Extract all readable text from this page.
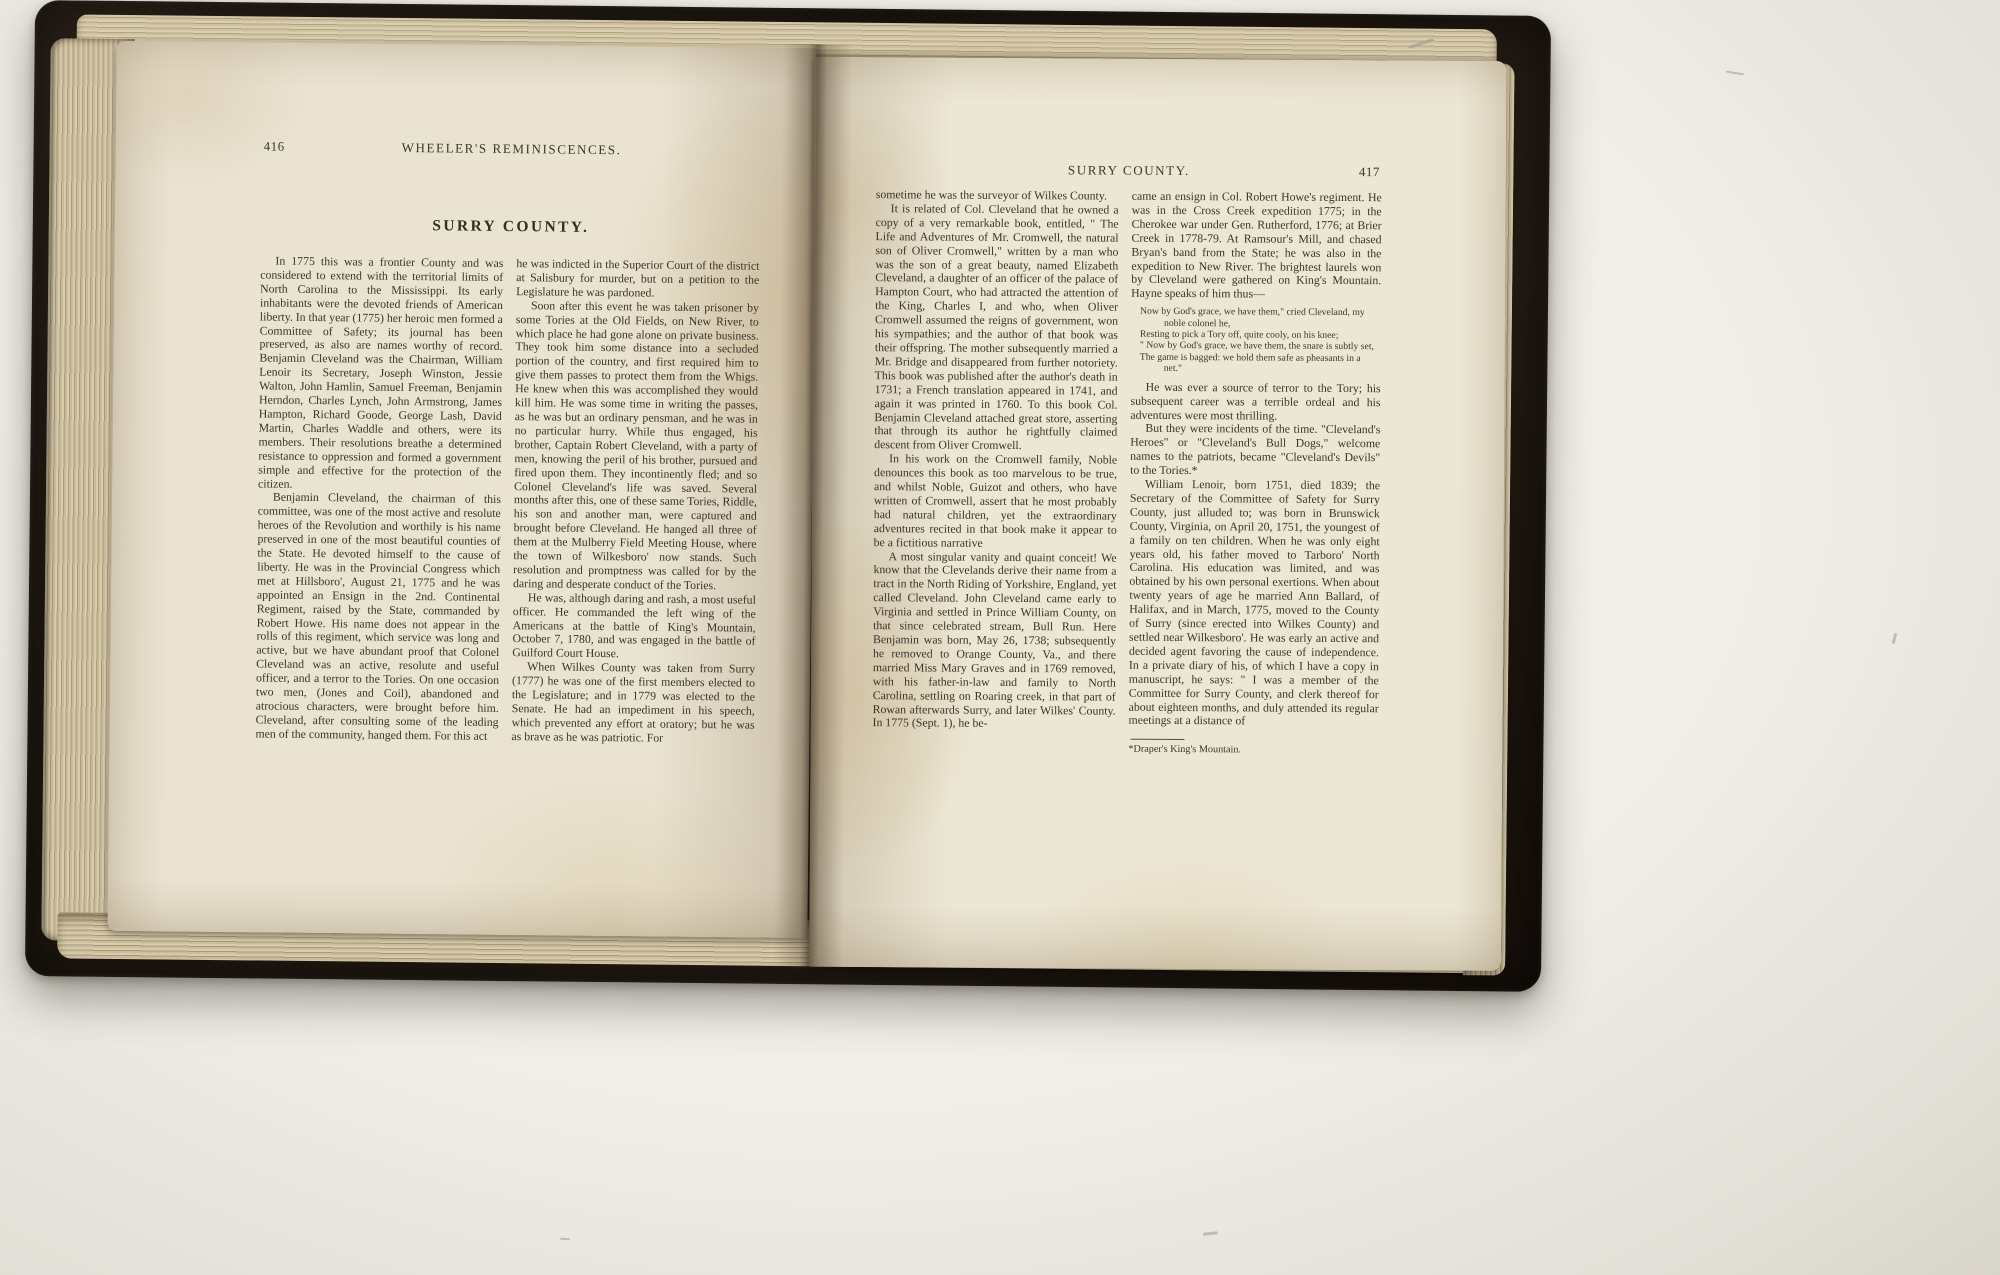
416	WHEELER'S REMINISCENCES.
SURRY COUNTY.

In 1775 this was a frontier County and was considered to extend with the territorial limits of North Carolina to the Mississippi. Its early inhabitants were the devoted friends of American liberty. In that year (1775) her heroic men formed a Committee of Safety; its journal has been preserved, as also are names worthy of record. Benjamin Cleveland was the Chairman, William Lenoir its Secretary, Joseph Winston, Jessie Walton, John Hamlin, Samuel Freeman, Benjamin Herndon, Charles Lynch, John Armstrong, James Hampton, Richard Goode, George Lash, David Martin, Charles Waddle and others, were its members. Their resolutions breathe a determined resistance to oppression and formed a government simple and effective for the protection of the citizen.

Benjamin Cleveland, the chairman of this committee, was one of the most active and resolute heroes of the Revolution and worthily is his name preserved in one of the most beautiful counties of the State. He devoted himself to the cause of liberty. He was in the Provincial Congress which met at Hillsboro', August 21, 1775 and he was appointed an Ensign in the 2nd. Continental Regiment, raised by the State, commanded by Robert Howe. His name does not appear in the rolls of this regiment, which service was long and active, but we have abundant proof that Colonel Cleveland was an active, resolute and useful officer, and a terror to the Tories. On one occasion two men, (Jones and Coil), abandoned and atrocious characters, were brought before him. Cleveland, after consulting some of the leading men of the community, hanged them. For this act

he was indicted in the Superior Court of the district at Salisbury for murder, but on a petition to the Legislature he was pardoned.

Soon after this event he was taken prisoner by some Tories at the Old Fields, on New River, to which place he had gone alone on private business. They took him some distance into a secluded portion of the country, and first required him to give them passes to protect them from the Whigs. He knew when this was accomplished they would kill him. He was some time in writing the passes, as he was but an ordinary pensman, and he was in no particular hurry. While thus engaged, his brother, Captain Robert Cleveland, with a party of men, knowing the peril of his brother, pursued and fired upon them. They incontinently fled; and so Colonel Cleveland's life was saved. Several months after this, one of these same Tories, Riddle, his son and another man, were captured and brought before Cleveland. He hanged all three of them at the Mulberry Field Meeting House, where the town of Wilkesboro' now stands. Such resolution and promptness was called for by the daring and desperate conduct of the Tories.

He was, although daring and rash, a most useful officer. He commanded the left wing of the Americans at the battle of King's Mountain, October 7, 1780, and was engaged in the battle of Guilford Court House.

When Wilkes County was taken from Surry (1777) he was one of the first members elected to the Legislature; and in 1779 was elected to the Senate. He had an impediment in his speech, which prevented any effort at oratory; but he was as brave as he was patriotic. For

SURRY COUNTY.	417

sometime he was the surveyor of Wilkes County.

It is related of Col. Cleveland that he owned a copy of a very remarkable book, entitled, " The Life and Adventures of Mr. Cromwell, the natural son of Oliver Cromwell," written by a man who was the son of a great beauty, named Elizabeth Cleveland, a daughter of an officer of the palace of Hampton Court, who had attracted the attention of the King, Charles I, and who, when Oliver Cromwell assumed the reigns of government, won his sympathies; and the author of that book was their offspring. The mother subsequently married a Mr. Bridge and disappeared from further notoriety. This book was published after the author's death in 1731; a French translation appeared in 1741, and again it was printed in 1760. To this book Col. Benjamin Cleveland attached great store, asserting that through its author he rightfully claimed descent from Oliver Cromwell.

In his work on the Cromwell family, Noble denounces this book as too marvelous to be true, and whilst Noble, Guizot and others, who have written of Cromwell, assert that he most probably had natural children, yet the extraordinary adventures recited in that book make it appear to be a fictitious narrative

A most singular vanity and quaint conceit! We know that the Clevelands derive their name from a tract in the North Riding of Yorkshire, England, yet called Cleveland. John Cleveland came early to Virginia and settled in Prince William County, on that since celebrated stream, Bull Run. Here Benjamin was born, May 26, 1738; subsequently he removed to Orange County, Va., and there married Miss Mary Graves and in 1769 removed, with his father-in-law and family to North Carolina, settling on Roaring creek, in that part of Rowan afterwards Surry, and later Wilkes' County. In 1775 (Sept. 1), he be-

came an ensign in Col. Robert Howe's regiment. He was in the Cross Creek expedition 1775; in the Cherokee war under Gen. Rutherford, 1776; at Brier Creek in 1778-79. At Ramsour's Mill, and chased Bryan's band from the State; he was also in the expedition to New River. The brightest laurels won by Cleveland were gathered on King's Mountain. Hayne speaks of him thus—

Now by God's grace, we have them," cried Cleveland, my noble colonel he,
Resting to pick a Tory off, quite cooly, on his knee;
" Now by God's grace, we have them, the snare is subtly set,
The game is bagged: we hold them safe as pheasants in a net."

He was ever a source of terror to the Tory; his subsequent career was a terrible ordeal and his adventures were most thrilling.

But they were incidents of the time. "Cleveland's Heroes" or "Cleveland's Bull Dogs," welcome names to the patriots, became "Cleveland's Devils" to the Tories.*

William Lenoir, born 1751, died 1839; the Secretary of the Committee of Safety for Surry County, just alluded to; was born in Brunswick County, Virginia, on April 20, 1751, the youngest of a family on ten children. When he was only eight years old, his father moved to Tarboro' North Carolina. His education was limited, and was obtained by his own personal exertions. When about twenty years of age he married Ann Ballard, of Halifax, and in March, 1775, moved to the County of Surry (since erected into Wilkes County) and settled near Wilkesboro'. He was early an active and decided agent favoring the cause of independence. In a private diary of his, of which I have a copy in manuscript, he says: " I was a member of the Committee for Surry County, and clerk thereof for about eighteen months, and duly attended its regular meetings at a distance of

*Draper's King's Mountain.
